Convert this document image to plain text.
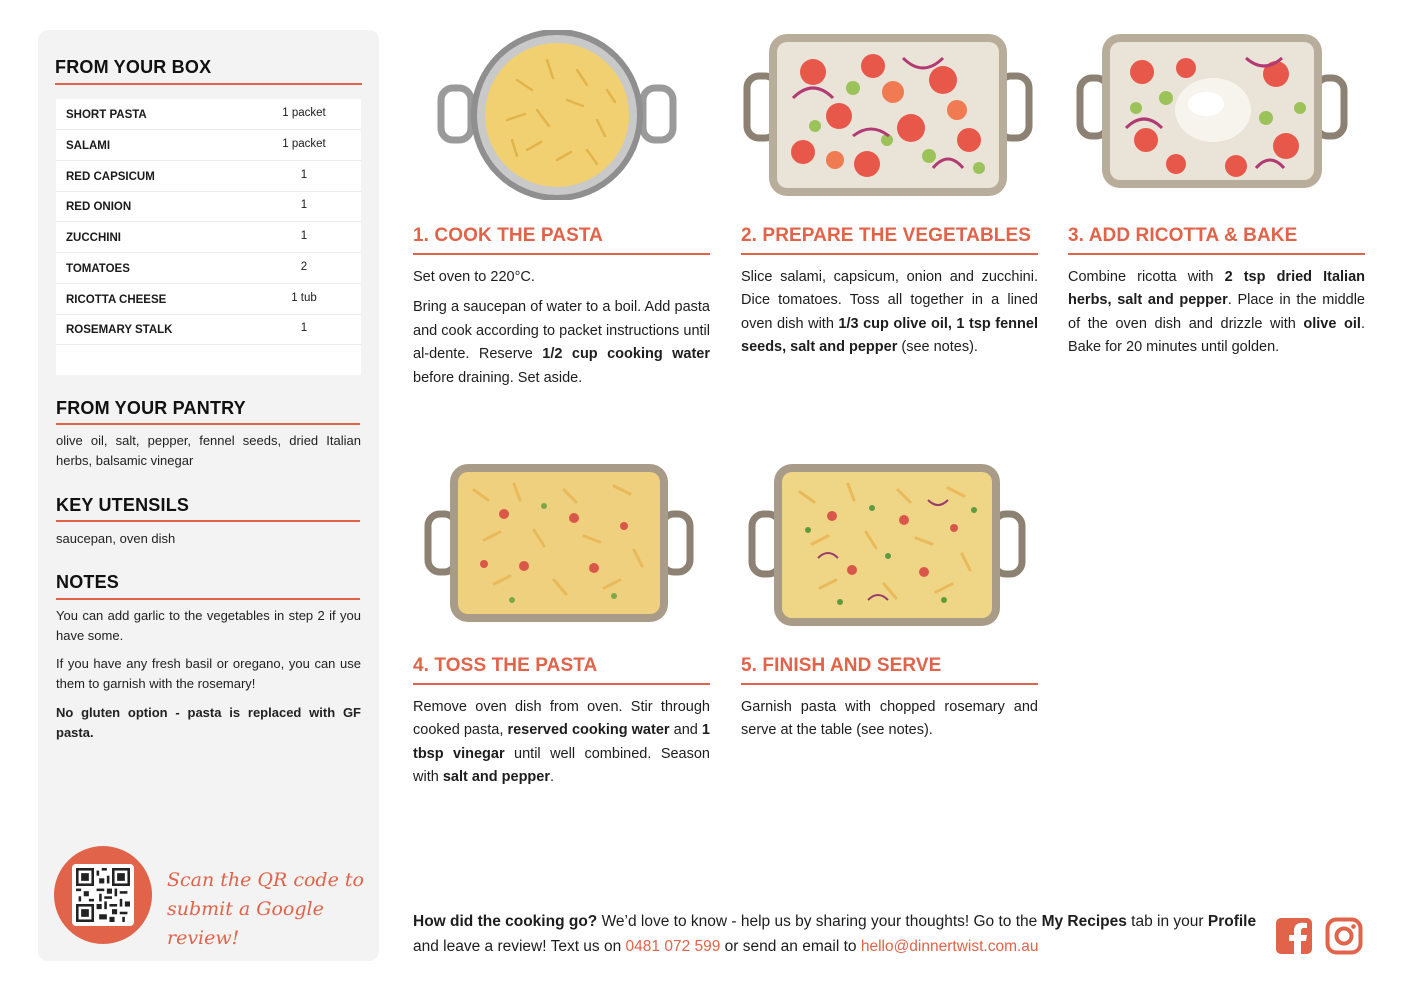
FROM YOUR BOX
SHORT PASTA	1 packet
SALAMI	1 packet
RED CAPSICUM	1
RED ONION	1
ZUCCHINI	1
TOMATOES	2
RICOTTA CHEESE	1 tub
ROSEMARY STALK	1
FROM YOUR PANTRY
olive oil, salt, pepper, fennel seeds, dried Italian herbs, balsamic vinegar
KEY UTENSILS
saucepan, oven dish
NOTES
You can add garlic to the vegetables in step 2 if you have some.
If you have any fresh basil or oregano, you can use them to garnish with the rosemary!
No gluten option - pasta is replaced with GF pasta.
Scan the QR code to
submit a Google review!
1. COOK THE PASTA

Set oven to 220°C.

Bring a saucepan of water to a boil. Add pasta and cook according to packet instructions until al-dente. Reserve 1/2 cup cooking water before draining. Set aside.

2. PREPARE THE VEGETABLES

Slice salami, capsicum, onion and zucchini. Dice tomatoes. Toss all together in a lined oven dish with 1/3 cup olive oil, 1 tsp fennel seeds, salt and pepper (see notes).

3. ADD RICOTTA & BAKE

Combine ricotta with 2 tsp dried Italian herbs, salt and pepper. Place in the middle of the oven dish and drizzle with olive oil. Bake for 20 minutes until golden.

4. TOSS THE PASTA

Remove oven dish from oven. Stir through cooked pasta, reserved cooking water and 1 tbsp vinegar until well combined. Season with salt and pepper.

5. FINISH AND SERVE

Garnish pasta with chopped rosemary and serve at the table (see notes).

How did the cooking go? We’d love to know - help us by sharing your thoughts! Go to the My Recipes tab in your Profile and leave a review! Text us on 0481 072 599 or send an email to hello@dinnertwist.com.au
